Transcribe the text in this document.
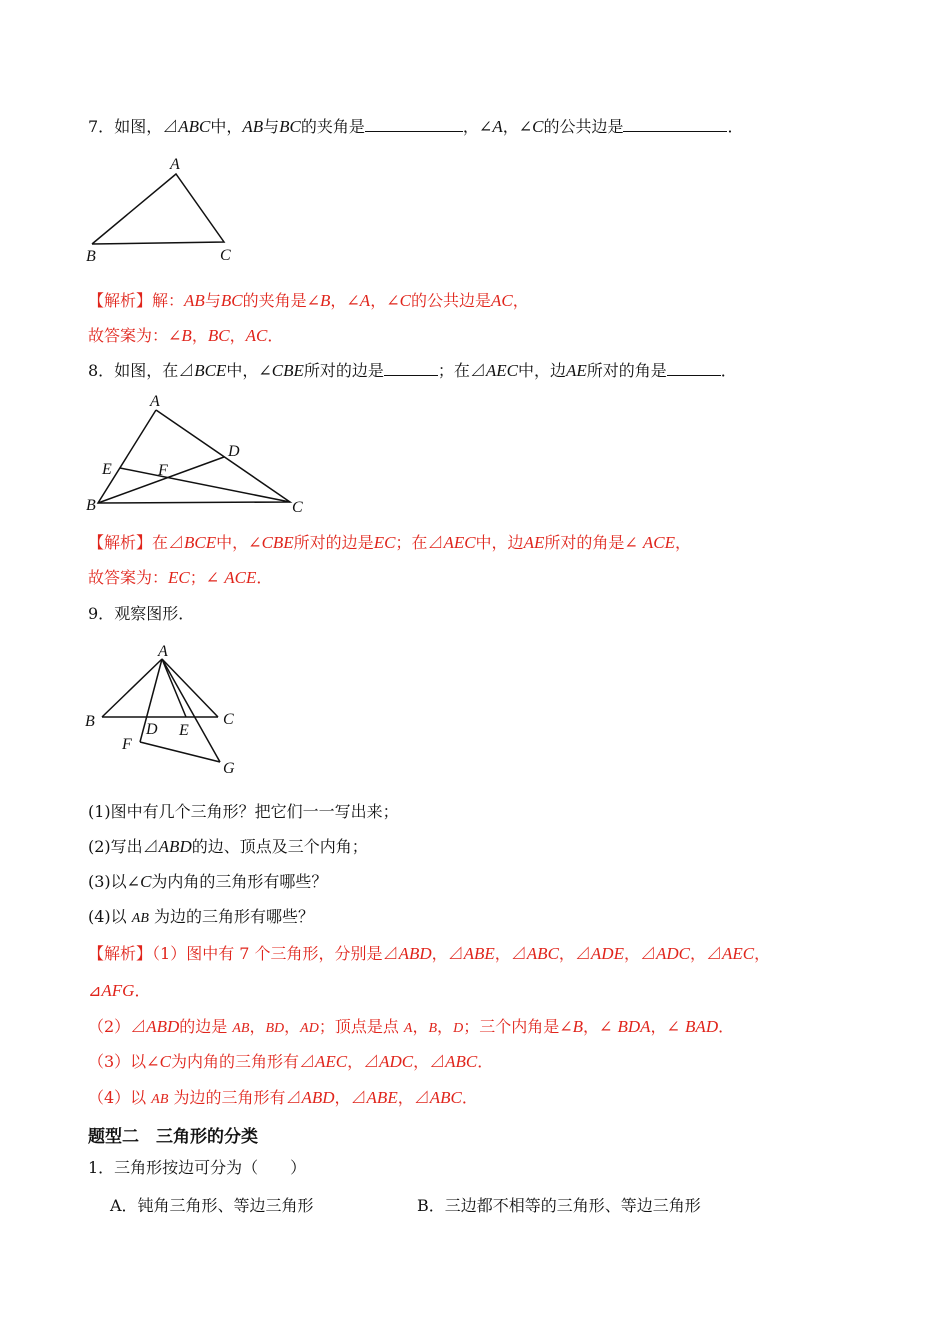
7．如图，⊿ABC中，AB与BC的夹角是	，∠A，∠C的公共边是	．
A
B	C
【解析】解：AB与BC的夹角是∠B，∠A，∠C的公共边是AC，
故答案为：∠B，BC，AC．
8．如图，在⊿BCE中，∠CBE所对的边是	；在⊿AEC中，边AE所对的角是	．
A
B	C
D
E	F
【解析】在⊿BCE中，∠CBE所对的边是EC；在⊿AEC中，边AE所对的角是∠ ACE，
故答案为：EC；∠ ACE．
9．观察图形．
A
B	C
D E
F
G
(1)图中有几个三角形？把它们一一写出来；
(2)写出⊿ABD的边、顶点及三个内角；
(3)以∠C为内角的三角形有哪些？
(4)以 AB 为边的三角形有哪些？
【解析】（1）图中有 7 个三角形，分别是⊿ABD，⊿ABE，⊿ABC，⊿ADE，⊿ADC，⊿AEC，
⊿AFG．
（2）⊿ABD的边是 AB，BD，AD；顶点是点 A，B，D；三个内角是∠B，∠ BDA，∠ BAD．
（3）以∠C为内角的三角形有⊿AEC，⊿ADC，⊿ABC．
（4）以 AB 为边的三角形有⊿ABD，⊿ABE，⊿ABC．
题型二　三角形的分类
1．三角形按边可分为（　　）
A．钝角三角形、等边三角形	B．三边都不相等的三角形、等边三角形
